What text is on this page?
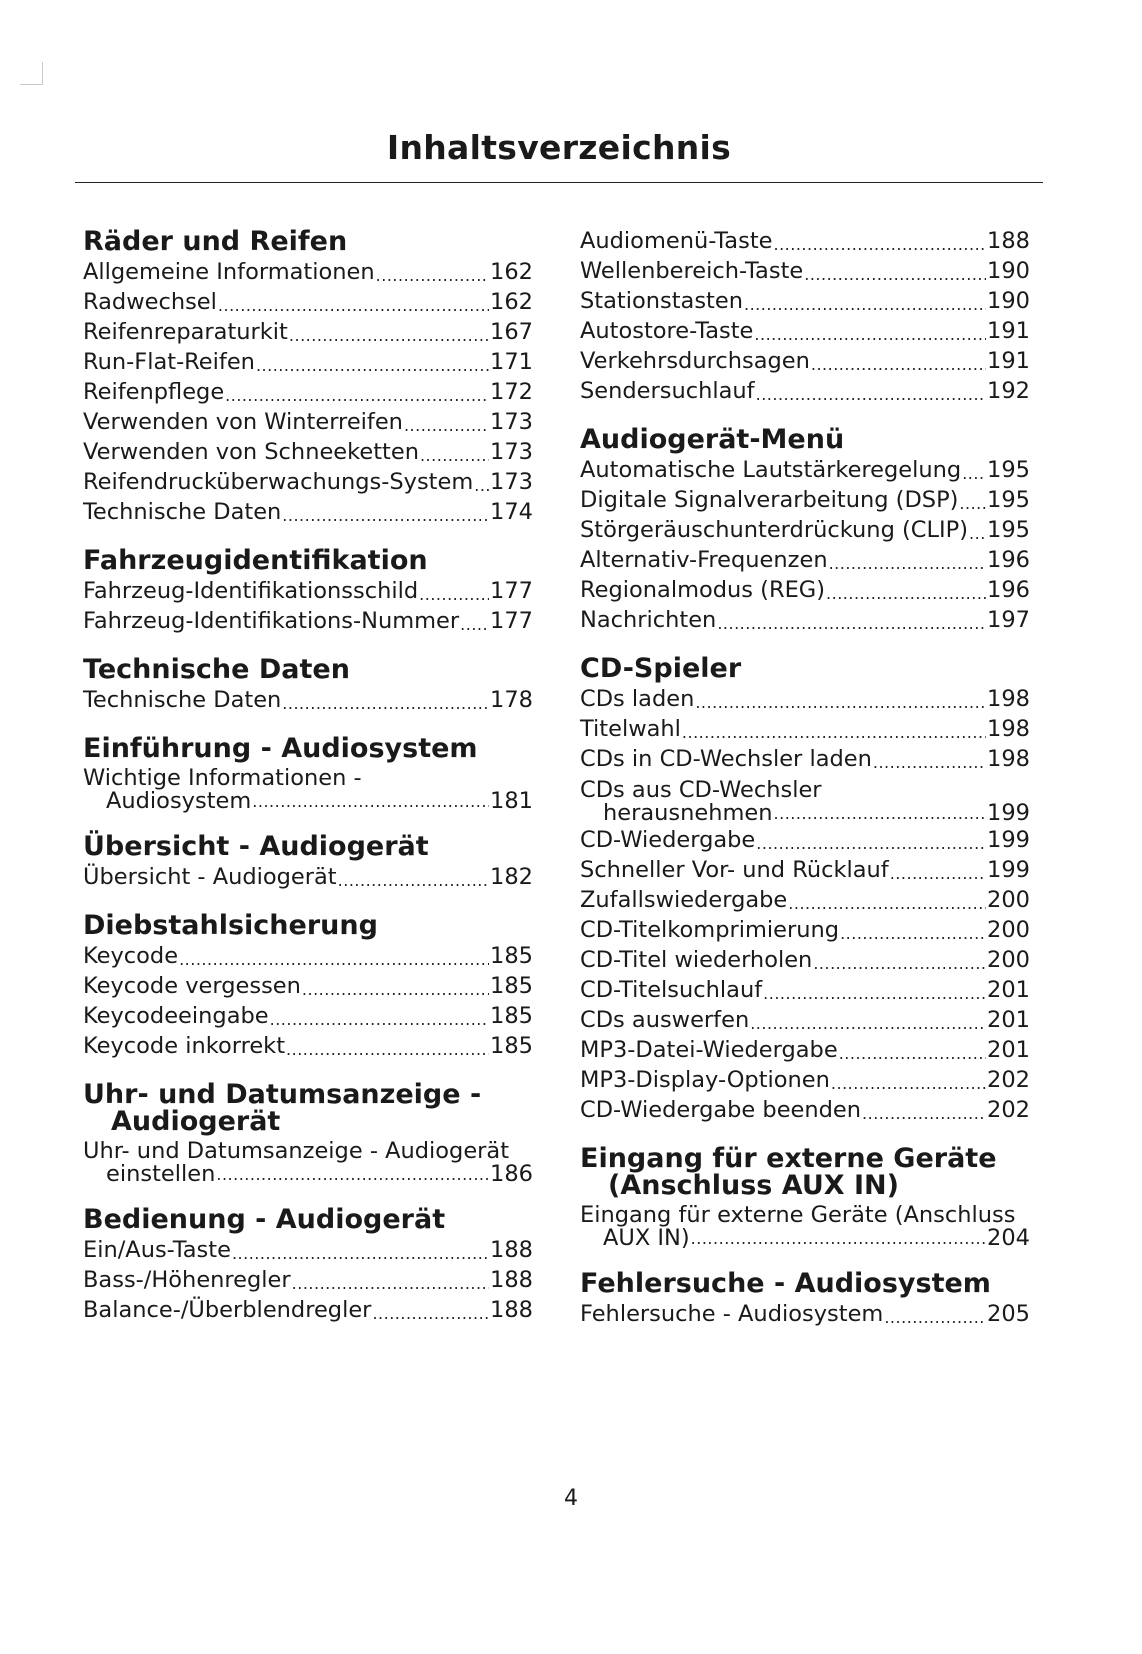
Inhaltsverzeichnis
Räder und Reifen
Allgemeine Informationen .....	162
Radwechsel .....	162
Reifenreparaturkit .....	167
Run-Flat-Reifen .....	171
Reifenpflege .....	172
Verwenden von Winterreifen .....	173
Verwenden von Schneeketten .....	173
Reifendrucküberwachungs-System ..... 173
Technische Daten .....	174
Fahrzeugidentifikation
Fahrzeug-Identifikationsschild .....	177
Fahrzeug-Identifikations-Nummer ..... 177
Technische Daten
Technische Daten .....	178
Einführung - Audiosystem
Wichtige Informationen -
Audiosystem .....	181
Übersicht - Audiogerät
Übersicht - Audiogerät .....	182
Diebstahlsicherung
Keycode .....	185
Keycode vergessen .....	185
Keycodeeingabe .....	185
Keycode inkorrekt .....	185
Uhr- und Datumsanzeige -
Audiogerät
Uhr- und Datumsanzeige - Audiogerät
einstellen .....	186
Bedienung - Audiogerät
Ein/Aus-Taste .....	188
Bass-/Höhenregler .....	188
Balance-/Überblendregler .....	188
Audiomenü-Taste .....	188
Wellenbereich-Taste .....	190
Stationstasten .....	190
Autostore-Taste .....	191
Verkehrsdurchsagen .....	191
Sendersuchlauf .....	192
Audiogerät-Menü
Automatische Lautstärkeregelung ..... 195
Digitale Signalverarbeitung (DSP) ..... 195
Störgeräuschunterdrückung (CLIP) ..... 195
Alternativ-Frequenzen .....	196
Regionalmodus (REG) .....	196
Nachrichten .....	197
CD-Spieler
CDs laden .....	198
Titelwahl .....	198
CDs in CD-Wechsler laden .....	198
CDs aus CD-Wechsler
herausnehmen .....	199
CD-Wiedergabe .....	199
Schneller Vor- und Rücklauf .....	199
Zufallswiedergabe .....	200
CD-Titelkomprimierung .....	200
CD-Titel wiederholen .....	200
CD-Titelsuchlauf .....	201
CDs auswerfen .....	201
MP3-Datei-Wiedergabe .....	201
MP3-Display-Optionen .....	202
CD-Wiedergabe beenden .....	202
Eingang für externe Geräte
(Anschluss AUX IN)
Eingang für externe Geräte (Anschluss
AUX IN) .....	204
Fehlersuche - Audiosystem
Fehlersuche - Audiosystem .....	205
4
